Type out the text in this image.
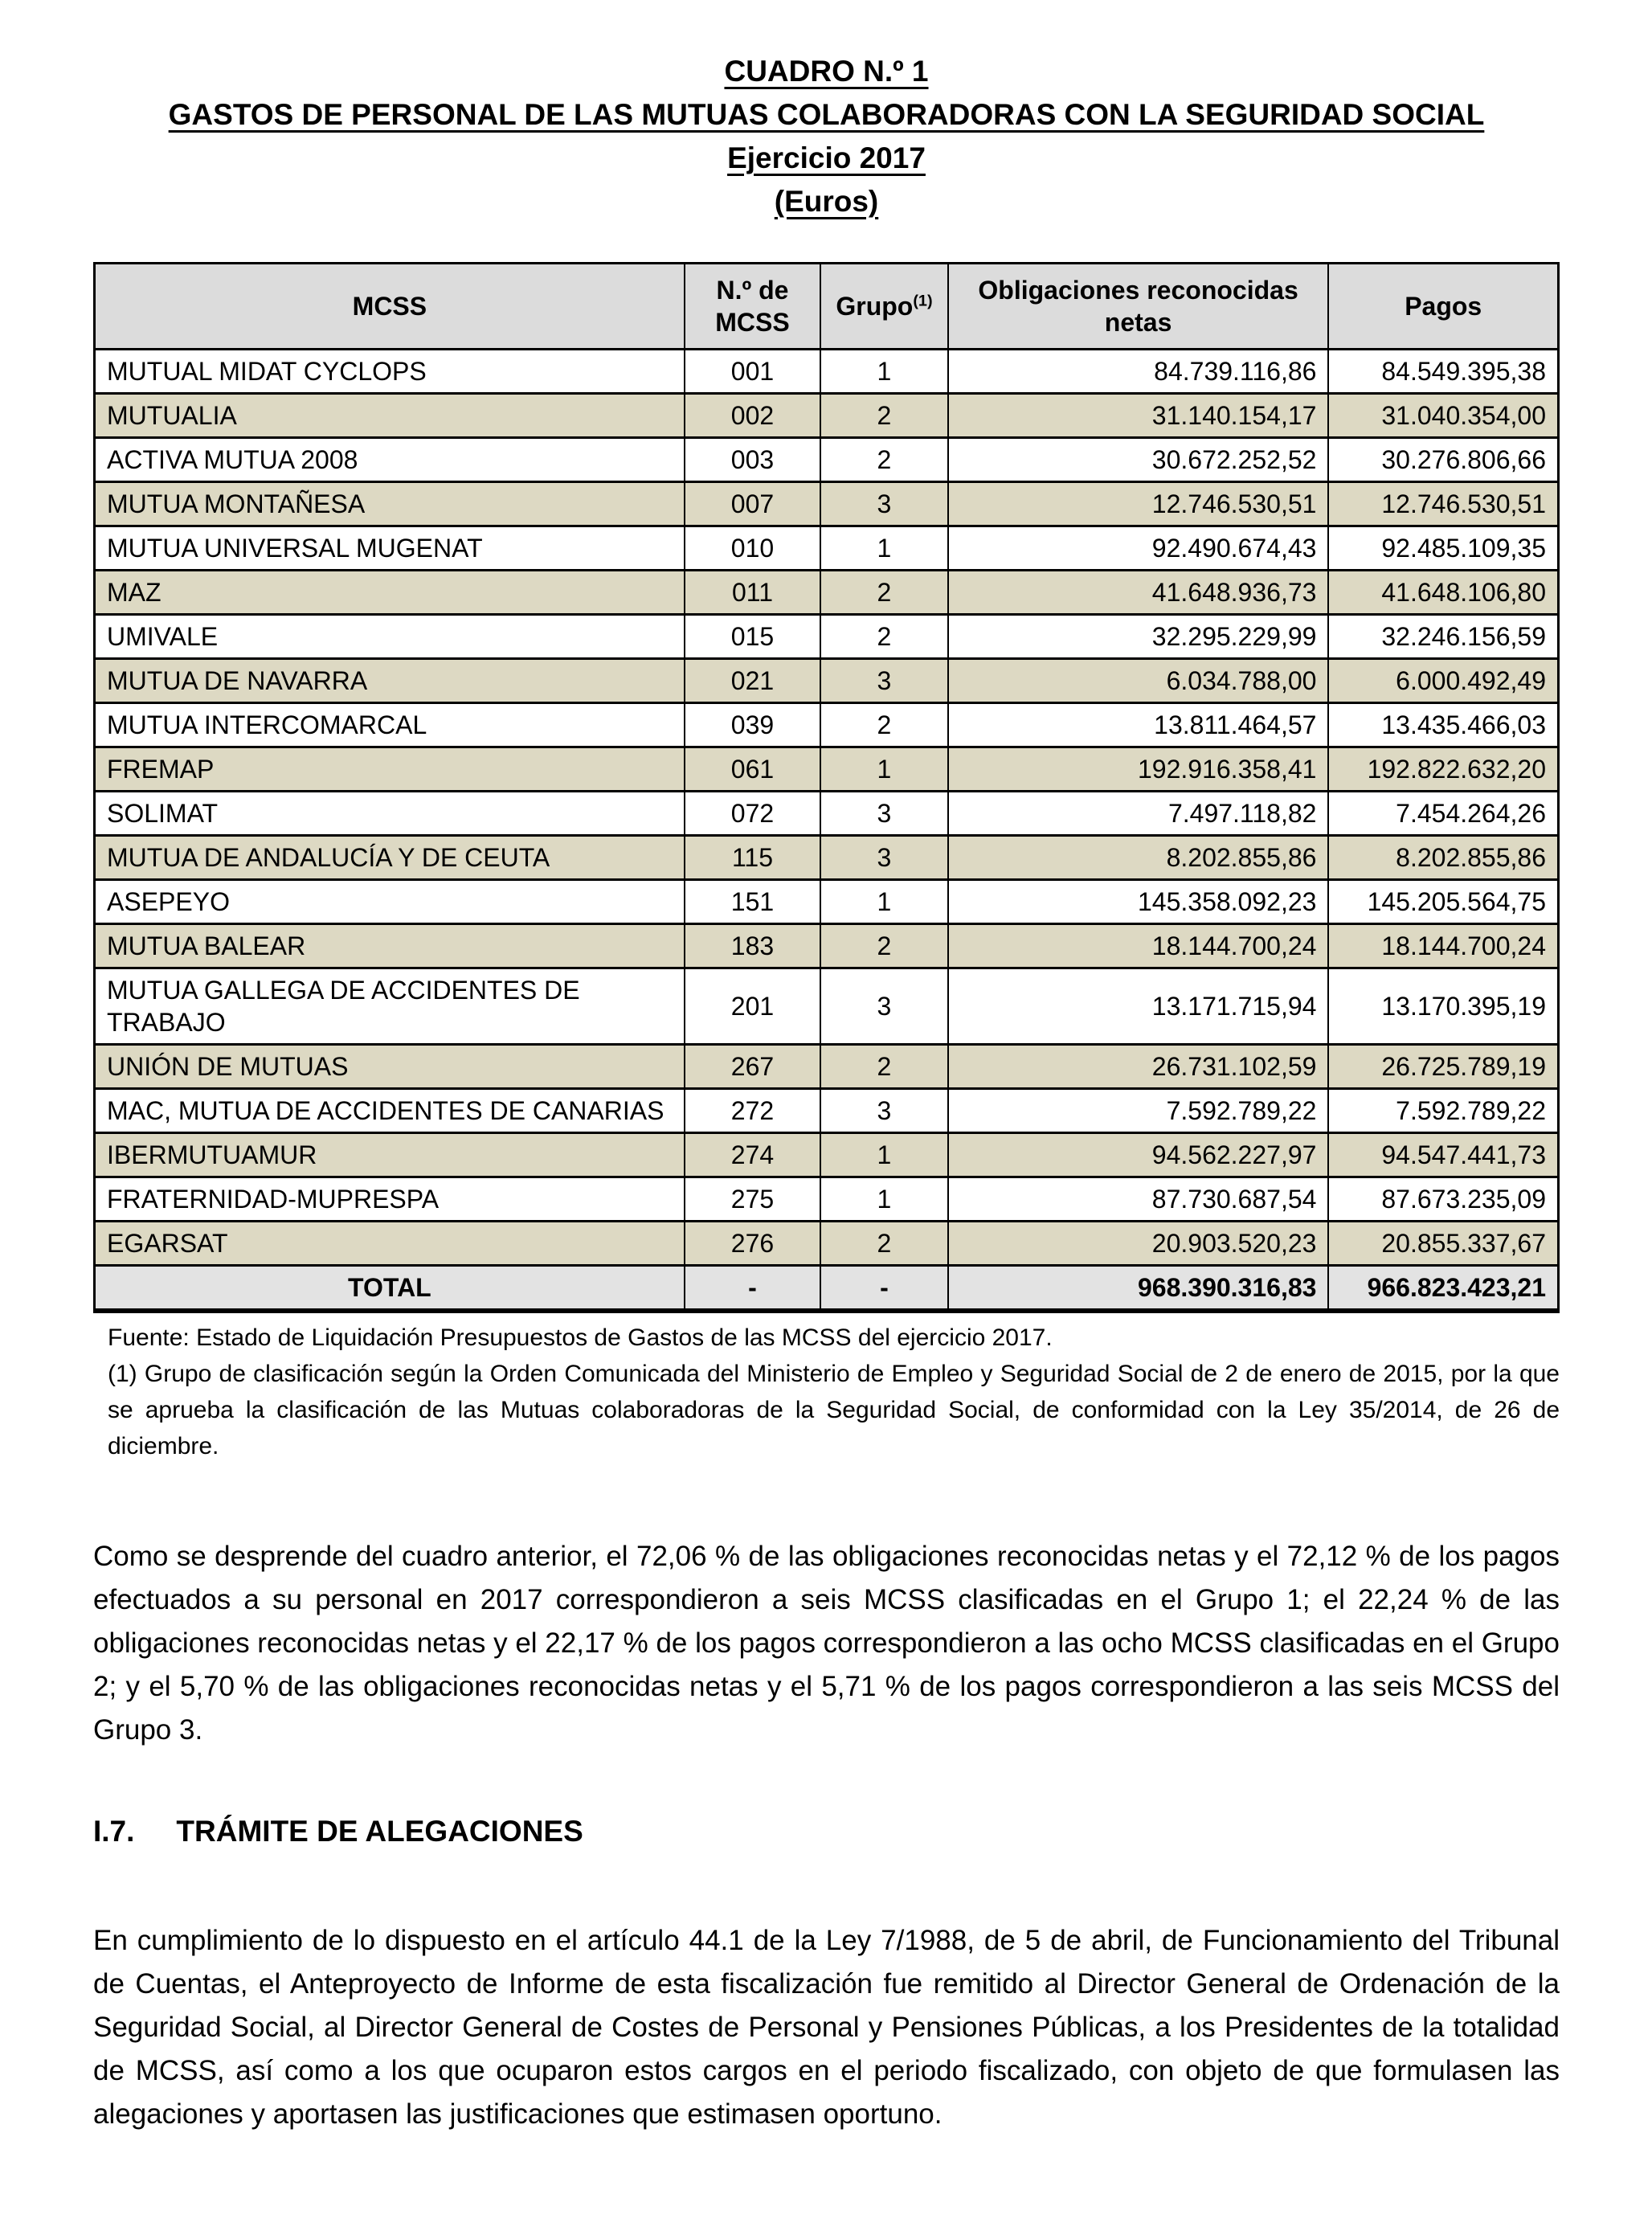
CUADRO N.º 1
GASTOS DE PERSONAL DE LAS MUTUAS COLABORADORAS CON LA SEGURIDAD SOCIAL
Ejercicio 2017
(Euros)
MCSS	N.º de MCSS	Grupo$^{(1)}$	Obligaciones reconocidas netas	Pagos
MUTUAL MIDAT CYCLOPS	001	1	84.739.116,86	84.549.395,38
MUTUALIA	002	2	31.140.154,17	31.040.354,00
ACTIVA MUTUA 2008	003	2	30.672.252,52	30.276.806,66
MUTUA MONTAÑESA	007	3	12.746.530,51	12.746.530,51
MUTUA UNIVERSAL MUGENAT	010	1	92.490.674,43	92.485.109,35
MAZ	011	2	41.648.936,73	41.648.106,80
UMIVALE	015	2	32.295.229,99	32.246.156,59
MUTUA DE NAVARRA	021	3	6.034.788,00	6.000.492,49
MUTUA INTERCOMARCAL	039	2	13.811.464,57	13.435.466,03
FREMAP	061	1	192.916.358,41	192.822.632,20
SOLIMAT	072	3	7.497.118,82	7.454.264,26
MUTUA DE ANDALUCÍA Y DE CEUTA	115	3	8.202.855,86	8.202.855,86
ASEPEYO	151	1	145.358.092,23	145.205.564,75
MUTUA BALEAR	183	2	18.144.700,24	18.144.700,24
MUTUA GALLEGA DE ACCIDENTES DE TRABAJO	201	3	13.171.715,94	13.170.395,19
UNIÓN DE MUTUAS	267	2	26.731.102,59	26.725.789,19
MAC, MUTUA DE ACCIDENTES DE CANARIAS	272	3	7.592.789,22	7.592.789,22
IBERMUTUAMUR	274	1	94.562.227,97	94.547.441,73
FRATERNIDAD-MUPRESPA	275	1	87.730.687,54	87.673.235,09
EGARSAT	276	2	20.903.520,23	20.855.337,67
TOTAL	-	-	968.390.316,83	966.823.423,21

Fuente: Estado de Liquidación Presupuestos de Gastos de las MCSS del ejercicio 2017.

(1) Grupo de clasificación según la Orden Comunicada del Ministerio de Empleo y Seguridad Social de 2 de enero de 2015, por la que se aprueba la clasificación de las Mutuas colaboradoras de la Seguridad Social, de conformidad con la Ley 35/2014, de 26 de diciembre.

Como se desprende del cuadro anterior, el 72,06 % de las obligaciones reconocidas netas y el 72,12 % de los pagos efectuados a su personal en 2017 correspondieron a seis MCSS clasificadas en el Grupo 1; el 22,24 % de las obligaciones reconocidas netas y el 22,17 % de los pagos correspondieron a las ocho MCSS clasificadas en el Grupo 2; y el 5,70 % de las obligaciones reconocidas netas y el 5,71 % de los pagos correspondieron a las seis MCSS del Grupo 3.

I.7. TRÁMITE DE ALEGACIONES

En cumplimiento de lo dispuesto en el artículo 44.1 de la Ley 7/1988, de 5 de abril, de Funcionamiento del Tribunal de Cuentas, el Anteproyecto de Informe de esta fiscalización fue remitido al Director General de Ordenación de la Seguridad Social, al Director General de Costes de Personal y Pensiones Públicas, a los Presidentes de la totalidad de MCSS, así como a los que ocuparon estos cargos en el periodo fiscalizado, con objeto de que formulasen las alegaciones y aportasen las justificaciones que estimasen oportuno.
